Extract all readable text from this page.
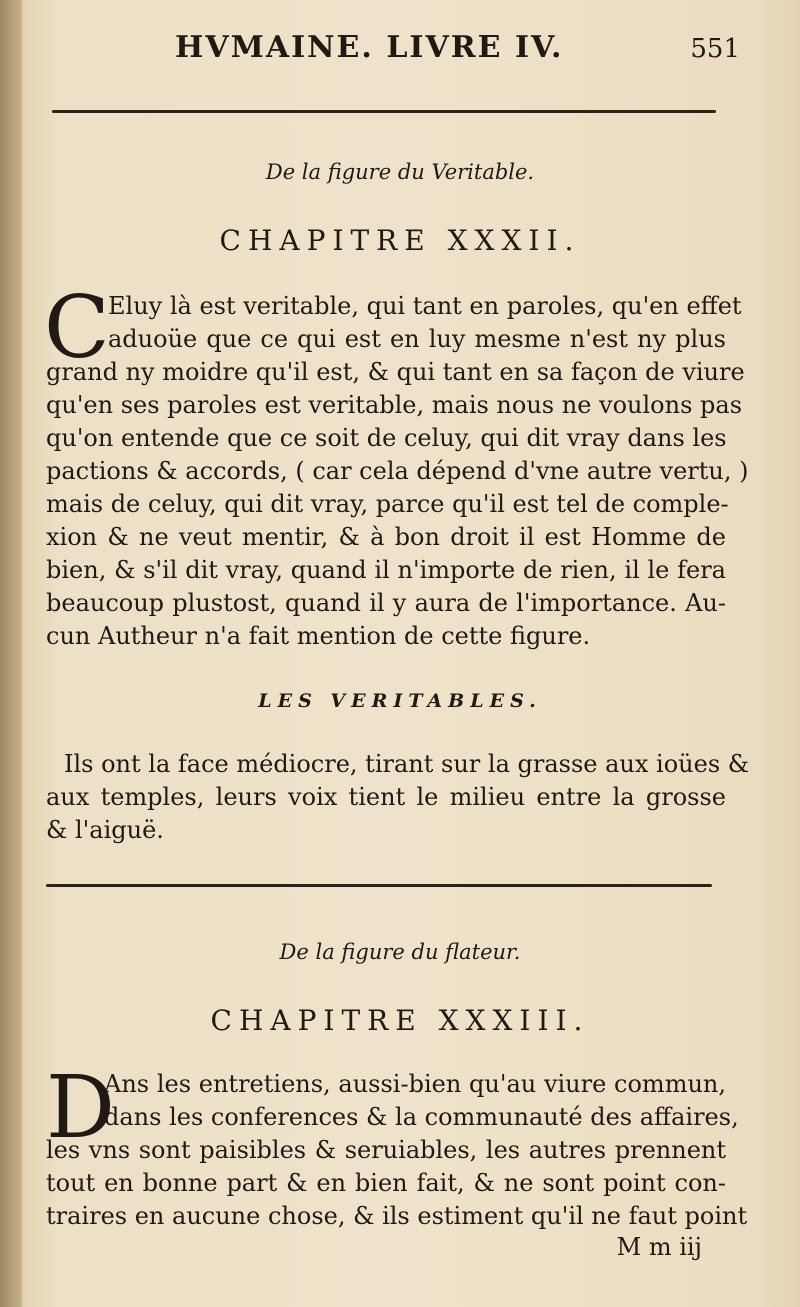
HVMAINE. LIVRE IV.	551
De la figure du Veritable.
CHAPITRE XXXII.
C
Eluy là est veritable, qui tant en paroles, qu'en effet
aduoüe que ce qui est en luy mesme n'est ny plus
grand ny moidre qu'il est, & qui tant en sa façon de viure
qu'en ses paroles est veritable, mais nous ne voulons pas
qu'on entende que ce soit de celuy, qui dit vray dans les
pactions & accords, ( car cela dépend d'vne autre vertu, )
mais de celuy, qui dit vray, parce qu'il est tel de comple-
xion & ne veut mentir, & à bon droit il est Homme de
bien, & s'il dit vray, quand il n'importe de rien, il le fera
beaucoup plustost, quand il y aura de l'importance. Au-
cun Autheur n'a fait mention de cette figure.
LES VERITABLES.
Ils ont la face médiocre, tirant sur la grasse aux ioües &
aux temples, leurs voix tient le milieu entre la grosse
& l'aiguë.
De la figure du flateur.
CHAPITRE XXXIII.
D
Ans les entretiens, aussi-bien qu'au viure commun,
dans les conferences & la communauté des affaires,
les vns sont paisibles & seruiables, les autres prennent
tout en bonne part & en bien fait, & ne sont point con-
traires en aucune chose, & ils estiment qu'il ne faut point
M m iij
